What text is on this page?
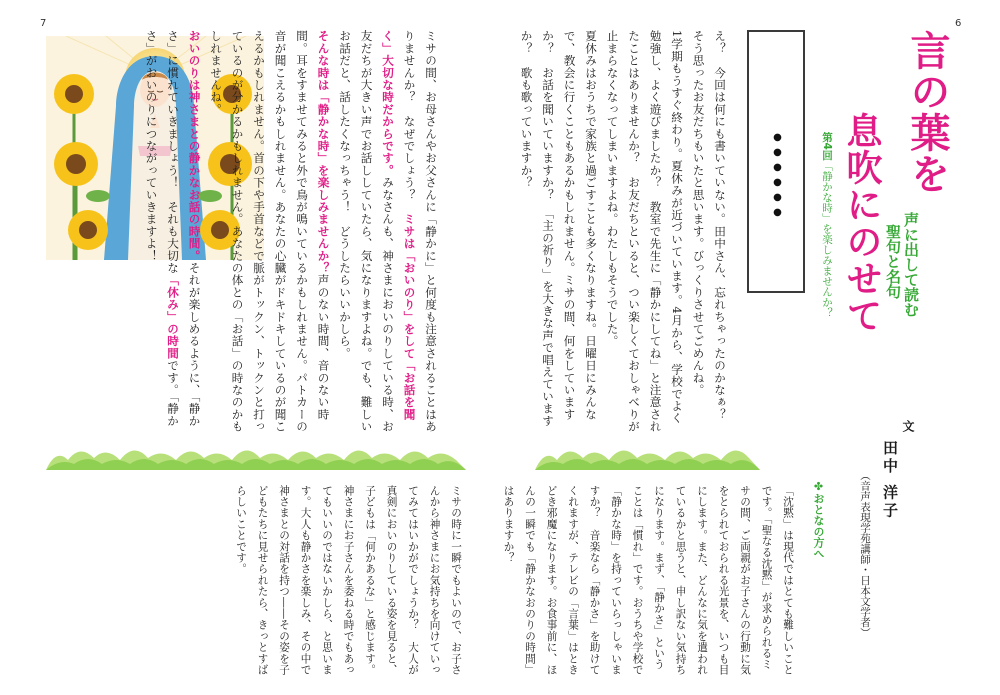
7	6
言の葉を
息吹にのせて 声に出して読む
聖句と名句
第4回「静かな時」を楽しみませんか？
●●●●●●

え？　今回は何にも書いていない。田中さん、忘れちゃったのかなぁ？　そう思ったお友だちもいたと思います。びっくりさせてごめんね。

1学期もうすぐ終わり。夏休みが近づいています。4月から、学校でよく勉強し、よく遊びましたか？　教室で先生に「静かにしてね」と注意されたことはありませんか？　お友だちといると、つい楽しくておしゃべりが止まらなくなってしまいますよね。わたしもそうでした。

夏休みはおうちで家族と過ごすことも多くなりますね。日曜日にみんなで、教会に行くこともあるかもしれません。ミサの間、何をしていますか？　お話を聞いていますか？　「主の祈り」を大きな声で唱えていますか？　歌も歌っていますか？

ミサの間、お母さんやお父さんに「静かに」と何度も注意されることはありませんか？　なぜでしょう？　ミサは「おいのり」をして「お話を聞く」大切な時だからです。みなさんも、神さまにおいのりしている時、お友だちが大きい声でお話ししていたら、気になりますよね。でも、難しいお話だと、話したくなっちゃう！　どうしたらいいかしら。

そんな時は「静かな時」を楽しみませんか？声のない時間、音のない時間。耳をすませてみると外で鳥が鳴いているかもしれません。パトカーの音が聞こえるかもしれません。あなたの心臓がドキドキしているのが聞こえるかもしれません。首の下や手首などで脈がトックン、トックンと打っているのが分かるかもしれません。あなたの体との「お話」の時なのかもしれませんね。

おいのりは神さまとの静かなお話の時間。それが楽しめるように、「静かさ」に慣れていきましょう！　それも大切な「休み」の時間です。「静かさ」がおいのりにつながっていきますよ！

文
田中 洋子
（音声表現学苑講師・日本文学者）
✤おとなの方へ

「沈黙」は現代ではとても難しいことです。「聖なる沈黙」が求められるミサの間、ご両親がお子さんの行動に気をとられておられる光景を、いつも目にします。また、どんなに気を遣われているかと思うと、申し訳ない気持ちになります。まず、「静かさ」ということは「慣れ」です。おうちや学校で「静かな時」を持っていらっしゃいますか？　音楽なら「静かさ」を助けてくれますが、テレビの「言葉」はときどき邪魔になります。お食事前に、ほんの一瞬でも「静かなおのりの時間」はありますか？

ミサの時に一瞬でもよいので、お子さんから神さまにお気持ちを向けていってみてはいかがでしょうか？　大人が真剣においのりしている姿を見ると、子どもは「何かあるな」と感じます。神さまにお子さんを委ねる時でもあってもいいのではないかしら、と思います。大人も静かさを楽しみ、その中で神さまとの対話を持つ――その姿を子どもたちに見せられたら、きっとすばらしいことです。
